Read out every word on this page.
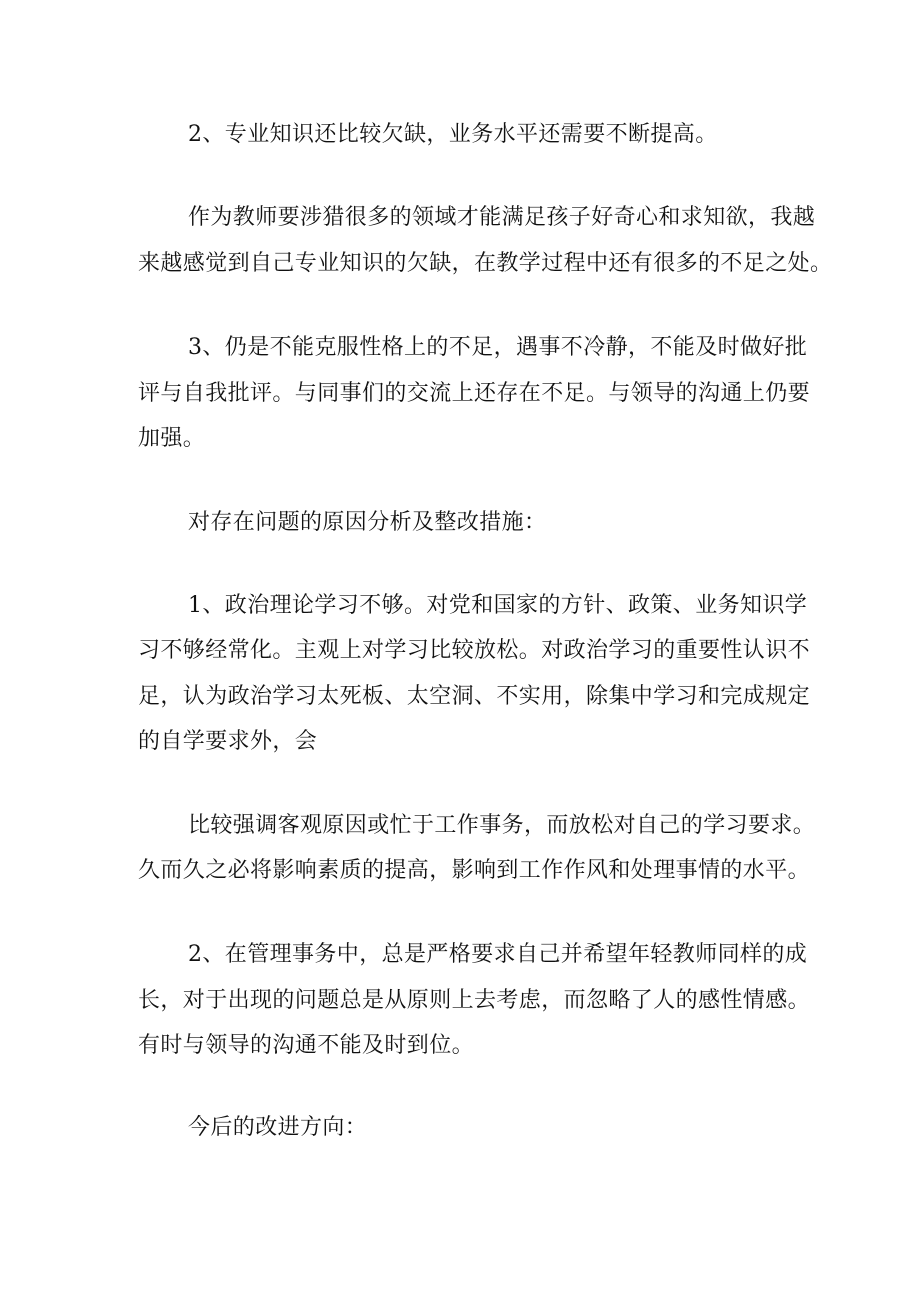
2、专业知识还比较欠缺，业务水平还需要不断提高。
作为教师要涉猎很多的领域才能满足孩子好奇心和求知欲，我越
来越感觉到自己专业知识的欠缺，在教学过程中还有很多的不足之处。
3、仍是不能克服性格上的不足，遇事不冷静，不能及时做好批
评与自我批评。与同事们的交流上还存在不足。与领导的沟通上仍要
加强。
对存在问题的原因分析及整改措施：
1、政治理论学习不够。对党和国家的方针、政策、业务知识学
习不够经常化。主观上对学习比较放松。对政治学习的重要性认识不
足，认为政治学习太死板、太空洞、不实用，除集中学习和完成规定
的自学要求外，会
比较强调客观原因或忙于工作事务，而放松对自己的学习要求。
久而久之必将影响素质的提高，影响到工作作风和处理事情的水平。
2、在管理事务中，总是严格要求自己并希望年轻教师同样的成
长，对于出现的问题总是从原则上去考虑，而忽略了人的感性情感。
有时与领导的沟通不能及时到位。
今后的改进方向：
